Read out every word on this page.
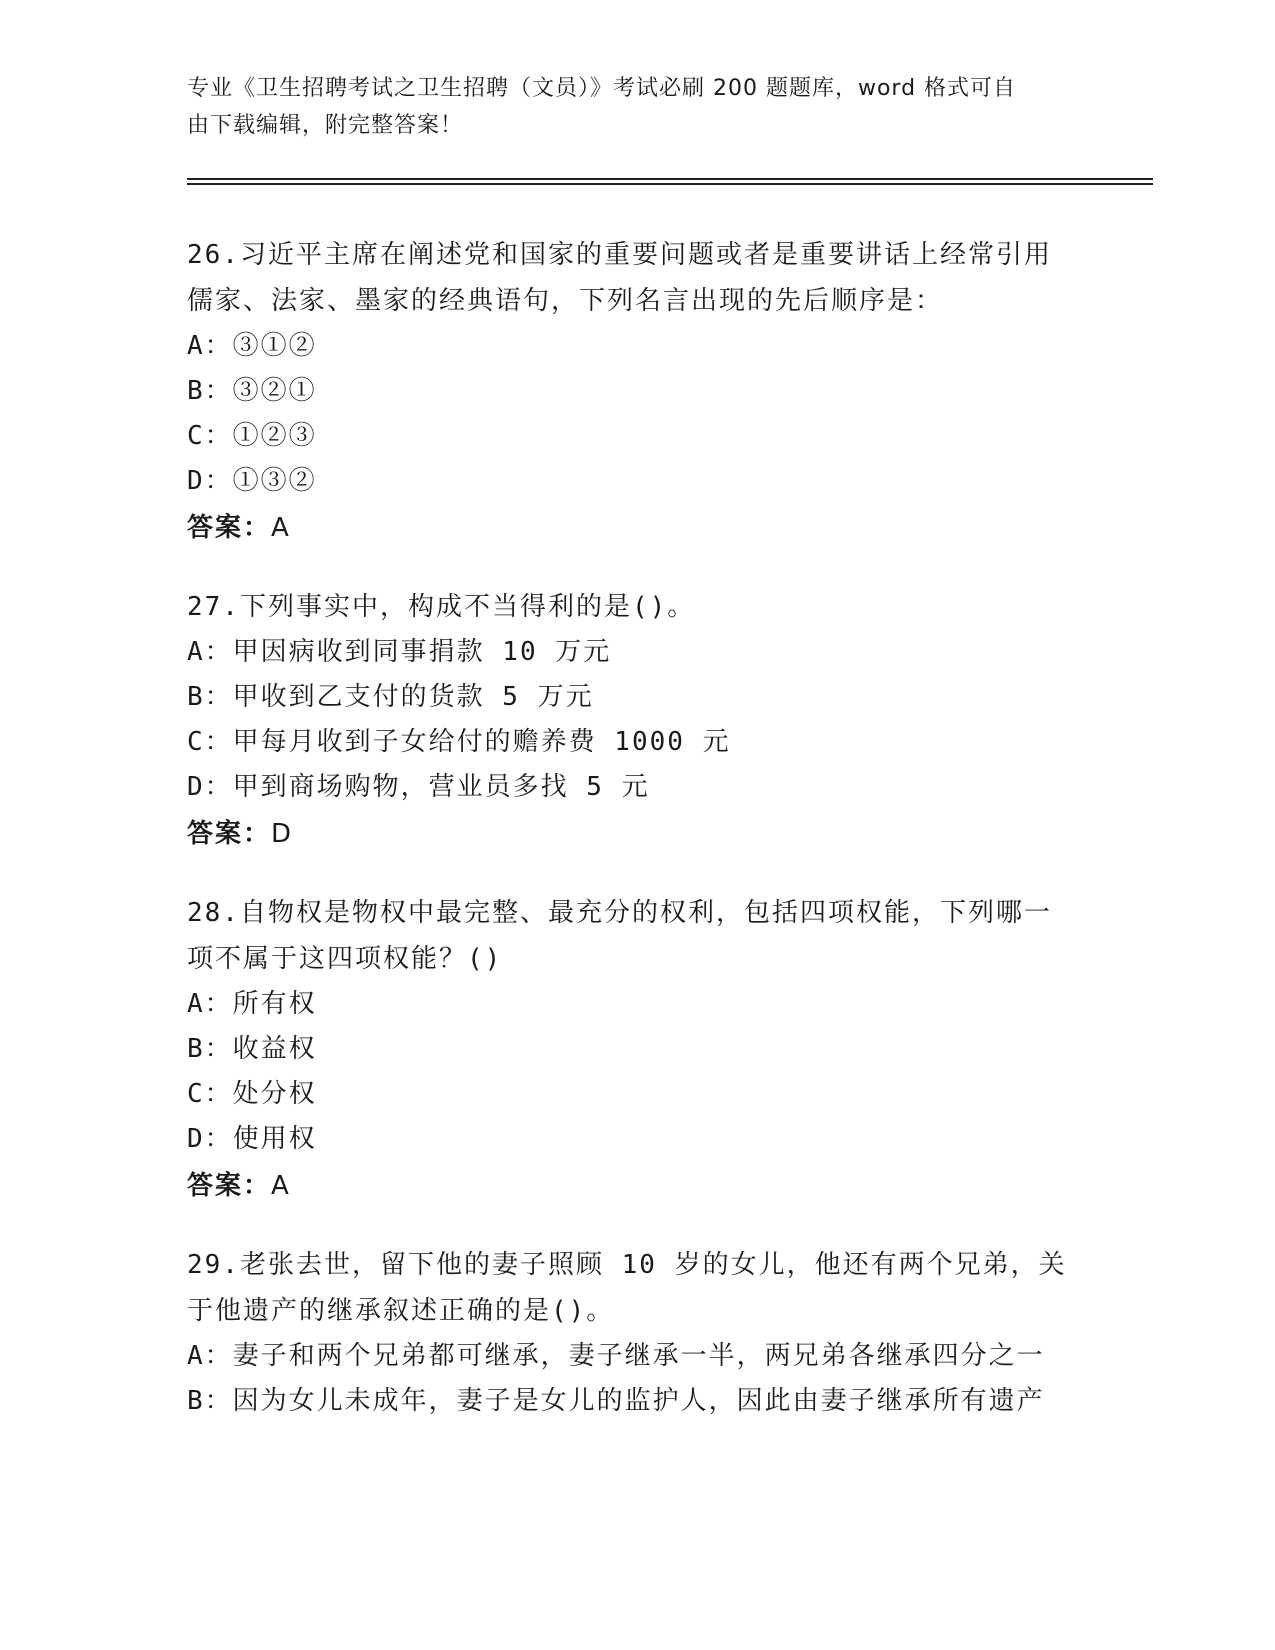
专业《卫生招聘考试之卫生招聘（文员）》考试必刷 200 题题库，word 格式可自
由下载编辑，附完整答案！

26.习近平主席在阐述党和国家的重要问题或者是重要讲话上经常引用
儒家、法家、墨家的经典语句，下列名言出现的先后顺序是：

A：③①②
B：③②①
C：①②③
D：①③②

答案：A

27.下列事实中，构成不当得利的是()。

A：甲因病收到同事捐款 10 万元
B：甲收到乙支付的货款 5 万元
C：甲每月收到子女给付的赡养费 1000 元
D：甲到商场购物，营业员多找 5 元

答案：D

28.自物权是物权中最完整、最充分的权利，包括四项权能，下列哪一
项不属于这四项权能？()

A：所有权
B：收益权
C：处分权
D：使用权

答案：A

29.老张去世，留下他的妻子照顾 10 岁的女儿，他还有两个兄弟，关
于他遗产的继承叙述正确的是()。

A：妻子和两个兄弟都可继承，妻子继承一半，两兄弟各继承四分之一
B：因为女儿未成年，妻子是女儿的监护人，因此由妻子继承所有遗产
